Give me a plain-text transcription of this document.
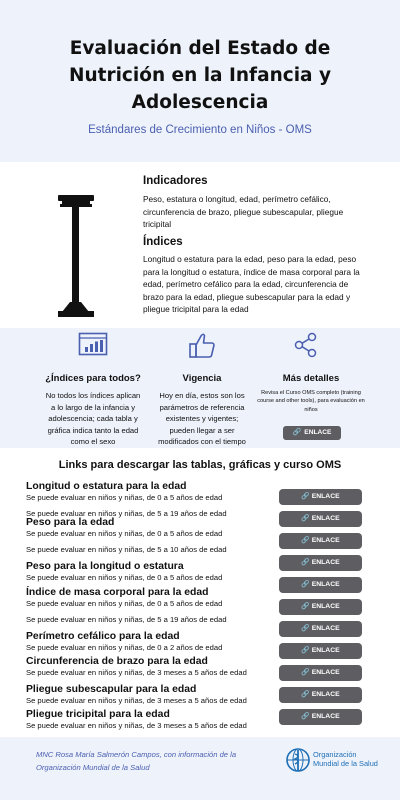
Evaluación del Estado de
Nutrición en la Infancia y
Adolescencia
Estándares de Crecimiento en Niños - OMS
Indicadores
Peso, estatura o longitud, edad, perímetro cefálico, circunferencia de brazo, pliegue subescapular, pliegue tricipital
Índices
Longitud o estatura para la edad, peso para la edad, peso para la longitud o estatura, índice de masa corporal para la edad, perímetro cefálico para la edad, circunferencia de brazo para la edad, pliegue subescapular para la edad y pliegue tricipital para la edad
¿Índices para todos?
No todos los índices aplican a lo largo de la infancia y adolescencia; cada tabla y gráfica indica tanto la edad como el sexo
Vigencia
Hoy en día, estos son los parámetros de referencia existentes y vigentes; pueden llegar a ser modificados con el tiempo
Más detalles
Revisa el Curso OMS completo (training course and other tools), para evaluación en niños
🔗 ENLACE
Links para descargar las tablas, gráficas y curso OMS
Longitud o estatura para la edad
Se puede evaluar en niños y niñas, de 0 a 5 años de edad
Se puede evaluar en niños y niñas, de 5 a 19 años de edad
Peso para la edad
Se puede evaluar en niños y niñas, de 0 a 5 años de edad
Se puede evaluar en niños y niñas, de 5 a 10 años de edad
Peso para la longitud o estatura
Se puede evaluar en niños y niñas, de 0 a 5 años de edad
Índice de masa corporal para la edad
Se puede evaluar en niños y niñas, de 0 a 5 años de edad
Se puede evaluar en niños y niñas, de 5 a 19 años de edad
Perímetro cefálico para la edad
Se puede evaluar en niños y niñas, de 0 a 2 años de edad
Circunferencia de brazo para la edad
Se puede evaluar en niños y niñas, de 3 meses a 5 años de edad
Pliegue subescapular para la edad
Se puede evaluar en niños y niñas, de 3 meses a 5 años de edad
Pliegue tricipital para la edad
Se puede evaluar en niños y niñas, de 3 meses a 5 años de edad
🔗 ENLACE
🔗 ENLACE
🔗 ENLACE
🔗 ENLACE
🔗 ENLACE
🔗 ENLACE
🔗 ENLACE
🔗 ENLACE
🔗 ENLACE
🔗 ENLACE
🔗 ENLACE
MNC Rosa María Salmerón Campos, con información de la Organización Mundial de la Salud
Organización
Mundial de la Salud
